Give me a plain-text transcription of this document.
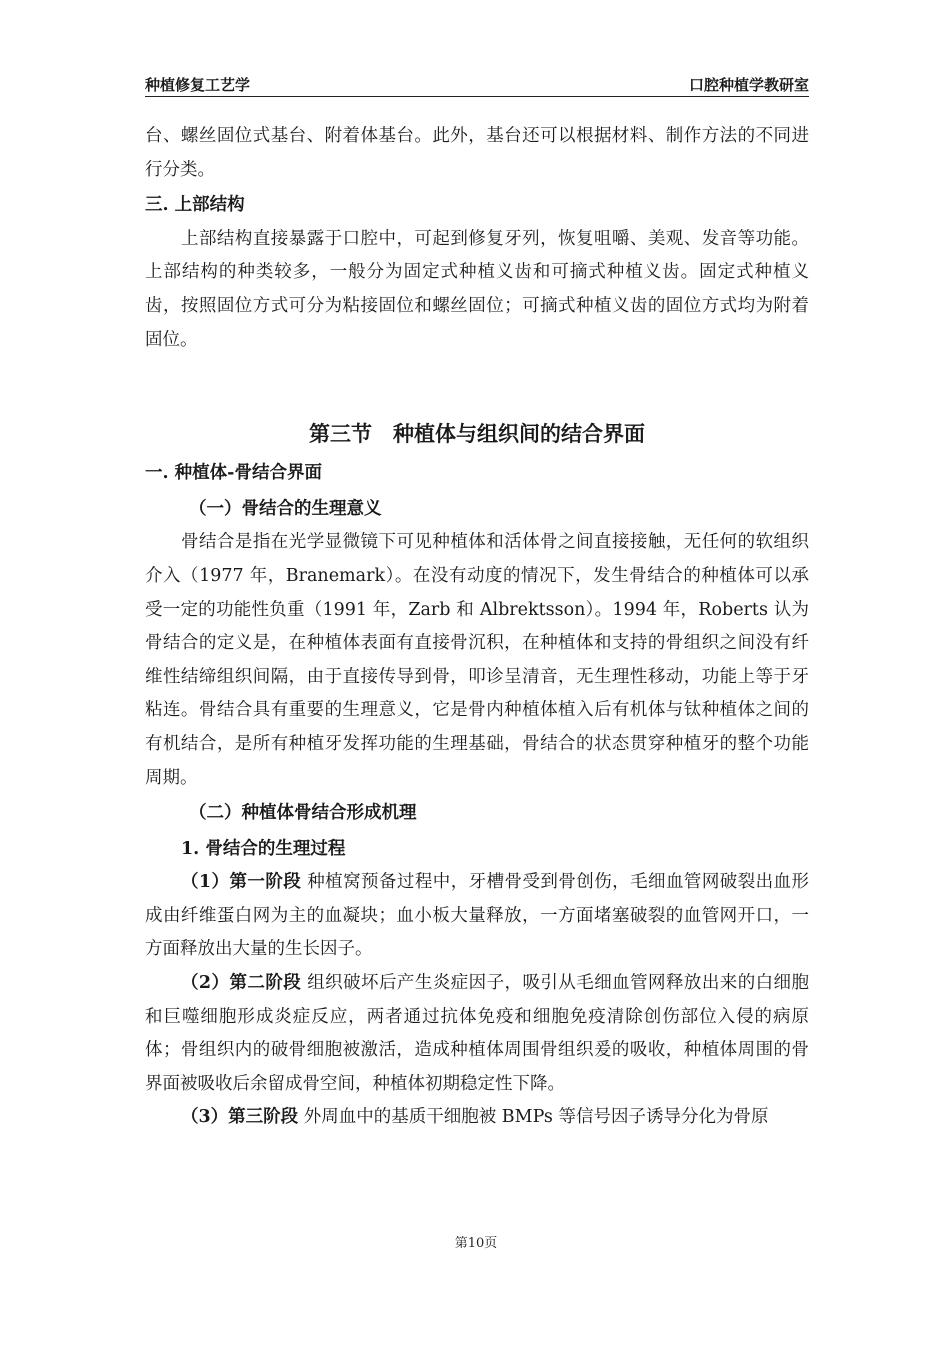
种植修复工艺学	口腔种植学教研室

台、螺丝固位式基台、附着体基台。此外，基台还可以根据材料、制作方法的不同进行分类。

三. 上部结构

上部结构直接暴露于口腔中，可起到修复牙列，恢复咀嚼、美观、发音等功能。上部结构的种类较多，一般分为固定式种植义齿和可摘式种植义齿。固定式种植义齿，按照固位方式可分为粘接固位和螺丝固位；可摘式种植义齿的固位方式均为附着固位。

第三节　种植体与组织间的结合界面
一. 种植体-骨结合界面
（一）骨结合的生理意义

骨结合是指在光学显微镜下可见种植体和活体骨之间直接接触，无任何的软组织介入（1977 年，Branemark）。在没有动度的情况下，发生骨结合的种植体可以承受一定的功能性负重（1991 年，Zarb 和 Albrektsson）。1994 年，Roberts 认为骨结合的定义是，在种植体表面有直接骨沉积，在种植体和支持的骨组织之间没有纤维性结缔组织间隔，由于直接传导到骨，叩诊呈清音，无生理性移动，功能上等于牙粘连。骨结合具有重要的生理意义，它是骨内种植体植入后有机体与钛种植体之间的有机结合，是所有种植牙发挥功能的生理基础，骨结合的状态贯穿种植牙的整个功能周期。

（二）种植体骨结合形成机理
1. 骨结合的生理过程

（1）第一阶段 种植窝预备过程中，牙槽骨受到骨创伤，毛细血管网破裂出血形成由纤维蛋白网为主的血凝块；血小板大量释放，一方面堵塞破裂的血管网开口，一方面释放出大量的生长因子。

（2）第二阶段 组织破坏后产生炎症因子，吸引从毛细血管网释放出来的白细胞和巨噬细胞形成炎症反应，两者通过抗体免疫和细胞免疫清除创伤部位入侵的病原体；骨组织内的破骨细胞被激活，造成种植体周围骨组织爰的吸收，种植体周围的骨界面被吸收后余留成骨空间，种植体初期稳定性下降。

（3）第三阶段 外周血中的基质干细胞被 BMPs 等信号因子诱导分化为骨原

第10页
